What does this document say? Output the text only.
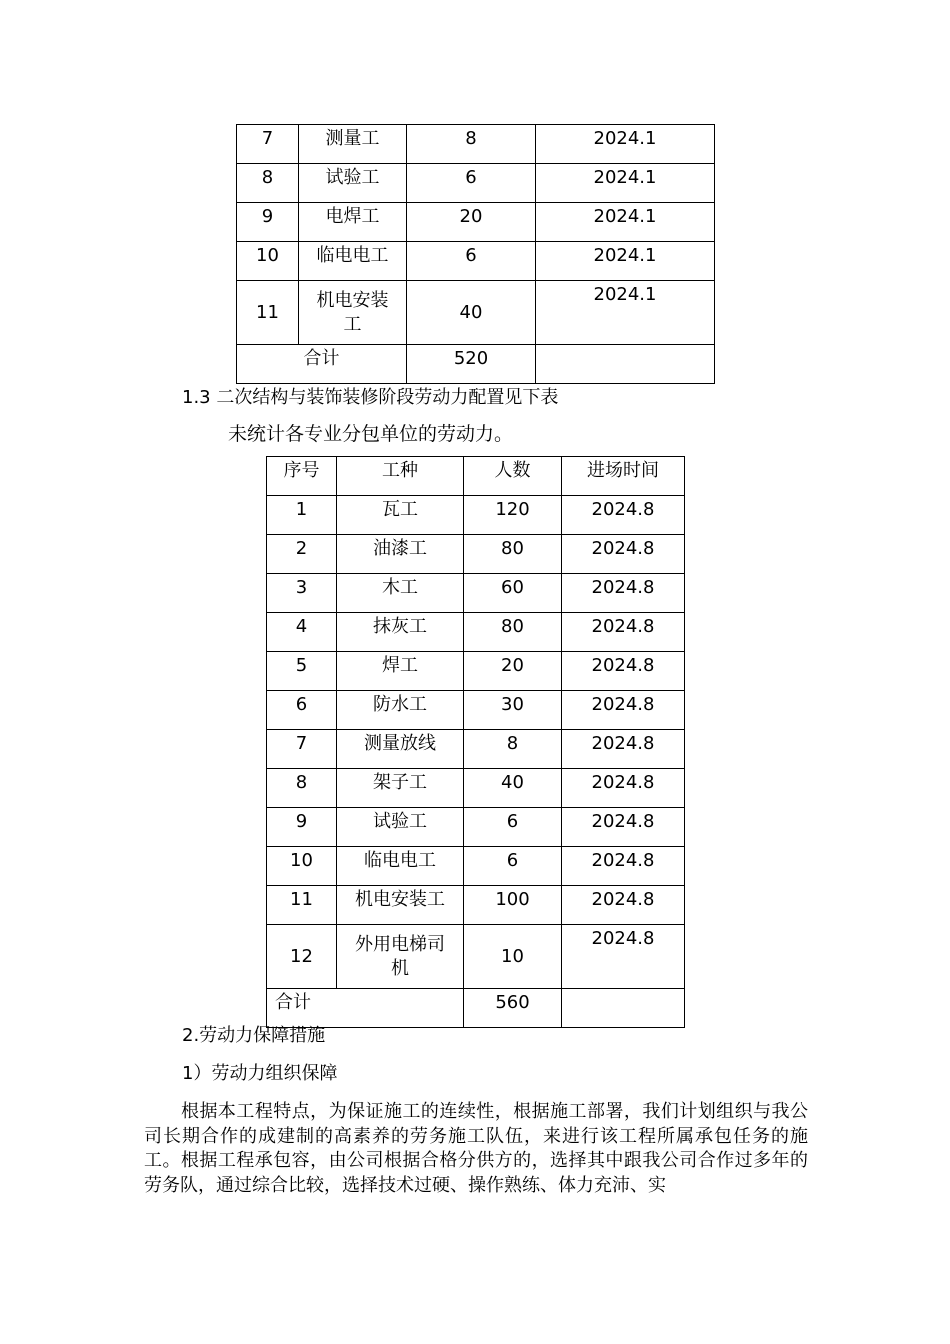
7	测量工	8	2024.1
8	试验工	6	2024.1
9	电焊工	20	2024.1
10	临电电工	6	2024.1
11	机电安装工	40	2024.1
合计		520	
1.3 二次结构与装饰装修阶段劳动力配置见下表
未统计各专业分包单位的劳动力。
序号	工种	人数	进场时间
1	瓦工	120	2024.8
2	油漆工	80	2024.8
3	木工	60	2024.8
4	抹灰工	80	2024.8
5	焊工	20	2024.8
6	防水工	30	2024.8
7	测量放线	8	2024.8
8	架子工	40	2024.8
9	试验工	6	2024.8
10	临电电工	6	2024.8
11	机电安装工	100	2024.8
12	外用电梯司机	10	2024.8
合计		560	
2.劳动力保障措施
1）劳动力组织保障
根据本工程特点，为保证施工的连续性，根据施工部署，我们计划组织与我公司长期合作的成建制的高素养的劳务施工队伍，来进行该工程所属承包任务的施工。根据工程承包容，由公司根据合格分供方的，选择其中跟我公司合作过多年的劳务队，通过综合比较，选择技术过硬、操作熟练、体力充沛、实
